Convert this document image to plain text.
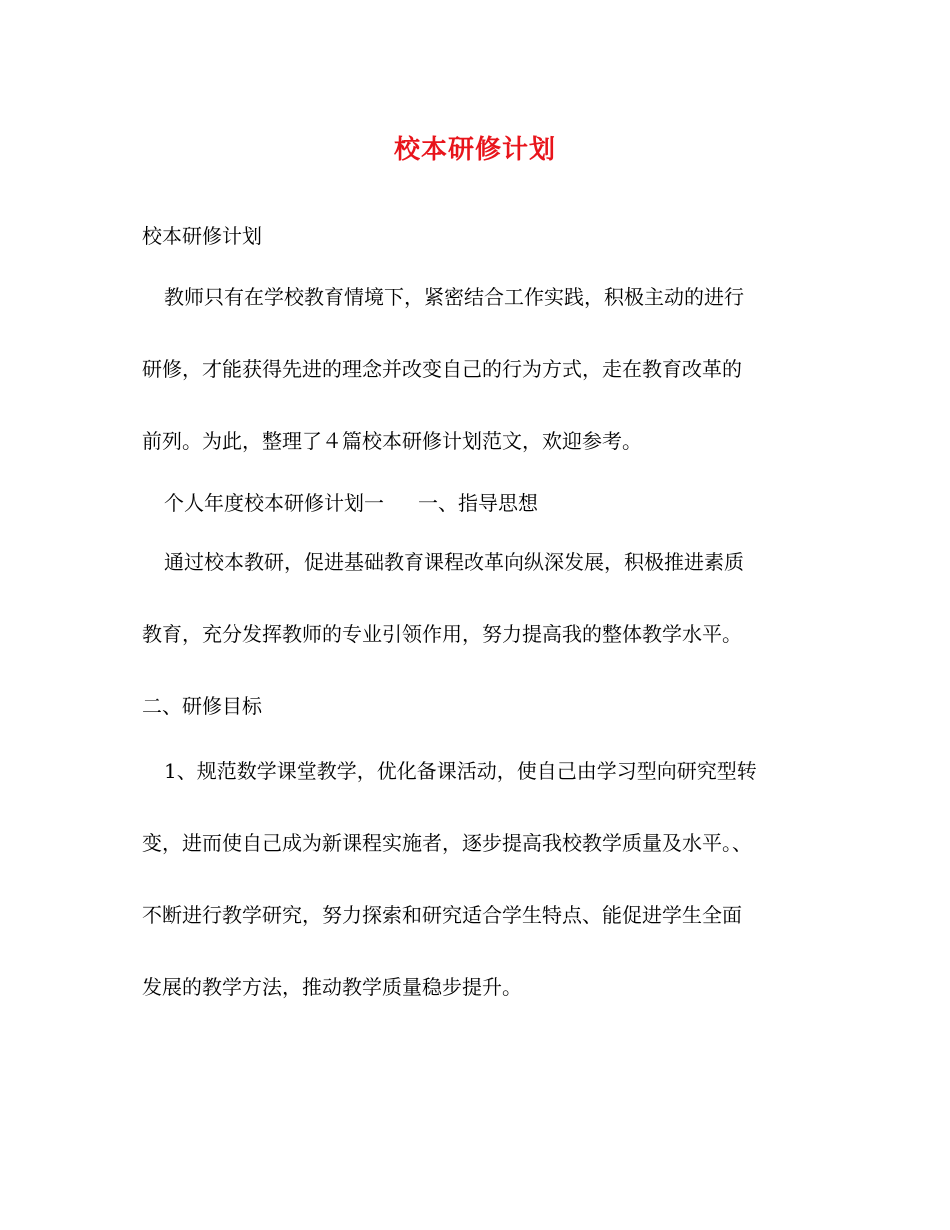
校本研修计划
校本研修计划
教师只有在学校教育情境下，紧密结合工作实践，积极主动的进行
研修，才能获得先进的理念并改变自己的行为方式，走在教育改革的
前列。为此，整理了４篇校本研修计划范文，欢迎参考。
个人年度校本研修计划一 一、指导思想
通过校本教研，促进基础教育课程改革向纵深发展，积极推进素质
教育，充分发挥教师的专业引领作用，努力提高我的整体教学水平。
二、研修目标
1、规范数学课堂教学，优化备课活动，使自己由学习型向研究型转
变，进而使自己成为新课程实施者，逐步提高我校教学质量及水平。、
不断进行教学研究，努力探索和研究适合学生特点、能促进学生全面
发展的教学方法，推动教学质量稳步提升。
